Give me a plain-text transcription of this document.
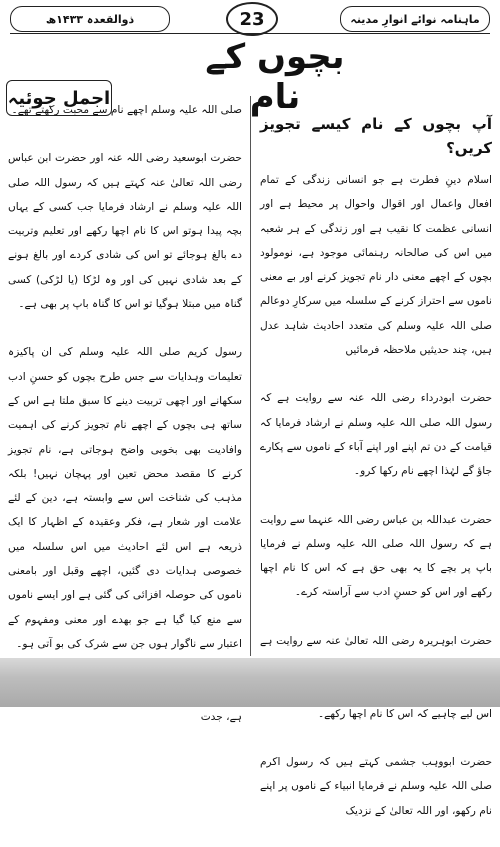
ذوالقعدہ ۱۴۳۳ھ	23	ماہنامہ نوائے انوارِ مدینہ
بچوں کے نام
اجمل جوئیہ
آپ بچوں کے نام کیسے تجویز کریں؟

اسلام دینِ فطرت ہے جو انسانی زندگی کے تمام افعال واعمال اور اقوال واحوال پر محیط ہے اور انسانی عظمت کا نقیب ہے اور زندگی کے ہر شعبہ میں اس کی صالحانہ رہنمائی موجود ہے، نومولود بچوں کے اچھے معنی دار نام تجویز کرنے اور بے معنی ناموں سے احتراز کرنے کے سلسلہ میں سرکارِ دوعالم صلی اللہ علیہ وسلم کی متعدد احادیث شاہد عدل ہیں، چند حدیثیں ملاحظہ فرمائیں

حضرت ابودرداء رضی اللہ عنہ سے روایت ہے کہ رسول اللہ صلی اللہ علیہ وسلم نے ارشاد فرمایا کہ قیامت کے دن تم اپنے اور اپنے آباء کے ناموں سے پکارے جاؤ گے لہٰذا اچھے نام رکھا کرو۔

حضرت عبداللہ بن عباس رضی اللہ عنہما سے روایت ہے کہ رسول اللہ صلی اللہ علیہ وسلم نے فرمایا باپ پر بچے کا یہ بھی حق ہے کہ اس کا نام اچھا رکھے اور اس کو حسنِ ادب سے آراستہ کرے۔

حضرت ابوہریرہ رضی اللہ تعالیٰ عنہ سے روایت ہے اس لیے چاہیے کہ اس کا نام اچھا رکھے۔

حضرت ابووہب جشمی کہتے ہیں کہ رسول اکرم صلی اللہ علیہ وسلم نے فرمایا انبیاء کے ناموں پر اپنے نام رکھو، اور اللہ تعالیٰ کے نزدیک

صلی اللہ علیہ وسلم اچھے نام سے محبت رکھتے تھے۔

حضرت ابوسعید رضی اللہ عنہ اور حضرت ابن عباس رضی اللہ تعالیٰ عنہ کہتے ہیں کہ رسول اللہ صلی اللہ علیہ وسلم نے ارشاد فرمایا جب کسی کے یہاں بچہ پیدا ہوتو اس کا نام اچھا رکھے اور تعلیم وتربیت دے بالغ ہوجائے تو اس کی شادی کردے اور بالغ ہونے کے بعد شادی نہیں کی اور وہ لڑکا (یا لڑکی) کسی گناہ میں مبتلا ہوگیا تو اس کا گناہ باپ پر بھی ہے۔

رسول کریم صلی اللہ علیہ وسلم کی ان پاکیزہ تعلیمات وہدایات سے جس طرح بچوں کو حسنِ ادب سکھانے اور اچھی تربیت دینے کا سبق ملتا ہے اس کے ساتھ ہی بچوں کے اچھے نام تجویز کرنے کی اہمیت وافادیت بھی بخوبی واضح ہوجاتی ہے، نام تجویز کرنے کا مقصد محض تعین اور پہچان نہیں! بلکہ مذہب کی شناخت اس سے وابستہ ہے، دین کے لئے علامت اور شعار ہے، فکر وعقیدہ کے اظہار کا ایک ذریعہ ہے اس لئے احادیث میں اس سلسلہ میں خصوصی ہدایات دی گئیں، اچھے وقبل اور بامعنی ناموں کی حوصلہ افزائی کی گئی ہے اور ایسے ناموں سے منع کیا گیا ہے جو بھدے اور معنی ومفہوم کے اعتبار سے ناگوار ہوں جن سے شرک کی بو آتی ہو۔

ہے، جدت
